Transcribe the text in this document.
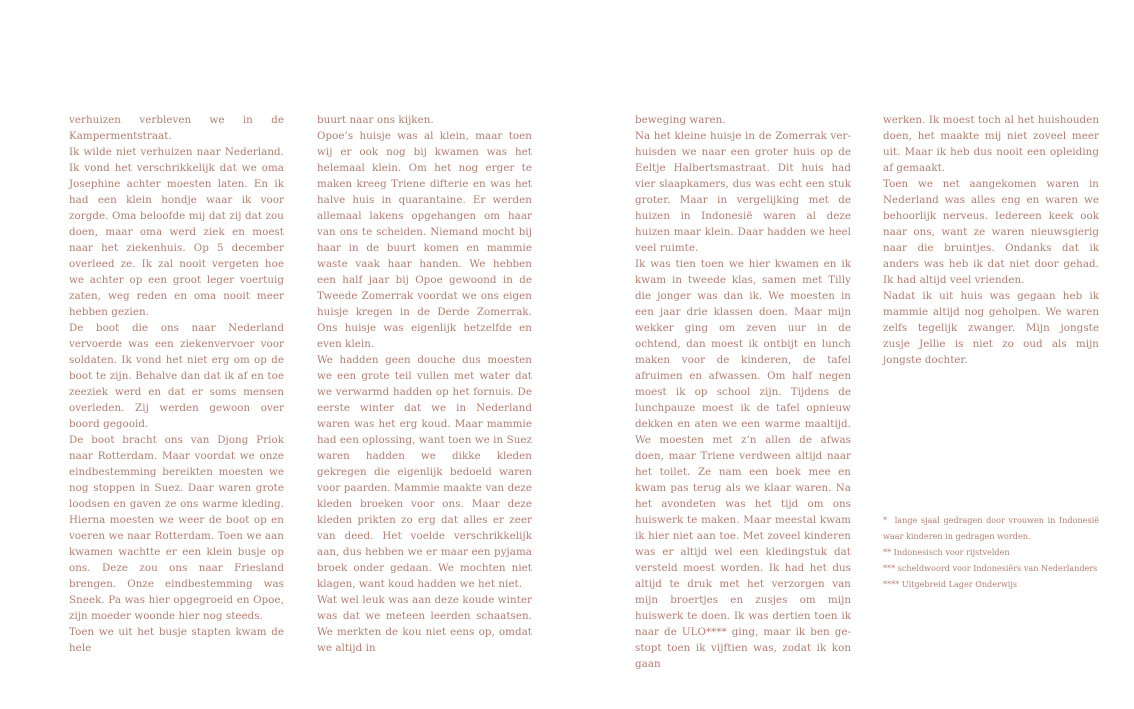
verhuizen verbleven we in de Kampermentstraat.

Ik wilde niet verhuizen naar Nederland. Ik vond het verschrikkelijk dat we oma Josephine achter moesten laten. En ik had een klein hondje waar ik voor zorgde. Oma beloofde mij dat zij dat zou doen, maar oma werd ziek en moest naar het ziekenhuis. Op 5 december overleed ze. Ik zal nooit vergeten hoe we achter op een groot leger voertuig zaten, weg reden en oma nooit meer hebben gezien.

De boot die ons naar Nederland vervoerde was een ziekenvervoer voor soldaten. Ik vond het niet erg om op de boot te zijn. Behalve dan dat ik af en toe zeeziek werd en dat er soms mensen overleden. Zij werden gewoon over boord gegooid.

De boot bracht ons van Djong Priok naar Rotterdam. Maar voordat we onze eindbestemming bereikten moesten we nog stoppen in Suez. Daar waren grote loodsen en gaven ze ons warme kleding. Hierna moesten we weer de boot op en voeren we naar Rotterdam. Toen we aan kwamen wachtte er een klein busje op ons. Deze zou ons naar Friesland brengen. Onze eindbestemming was Sneek. Pa was hier opgegroeid en Opoe, zijn moeder woonde hier nog steeds.

Toen we uit het busje stapten kwam de hele

buurt naar ons kijken.

Opoe’s huisje was al klein, maar toen wij er ook nog bij kwamen was het helemaal klein. Om het nog erger te maken kreeg Triene difterie en was het halve huis in quarantaine. Er werden allemaal lakens opgehangen om haar van ons te scheiden. Niemand mocht bij haar in de buurt komen en mammie waste vaak haar handen. We hebben een half jaar bij Opoe gewoond in de Tweede Zomerrak voordat we ons eigen huisje kregen in de Derde Zomerrak. Ons huisje was eigenlijk hetzelfde en even klein.

We hadden geen douche dus moesten we een grote teil vullen met water dat we verwarmd hadden op het fornuis. De eerste winter dat we in Nederland waren was het erg koud. Maar mammie had een oplossing, want toen we in Suez waren hadden we dikke kleden gekregen die eigenlijk bedoeld waren voor paarden. Mammie maakte van deze kleden broeken voor ons. Maar deze kleden prikten zo erg dat alles er zeer van deed. Het voelde verschrikkelijk aan, dus hebben we er maar een pyjama broek onder gedaan. We mochten niet klagen, want koud hadden we het niet.

Wat wel leuk was aan deze koude winter was dat we meteen leerden schaatsen. We merkten de kou niet eens op, omdat we altijd in

beweging waren.

Na het kleine huisje in de Zomerrak verhuisden we naar een groter huis op de Eeltje Halbertsmastraat. Dit huis had vier slaapkamers, dus was echt een stuk groter. Maar in vergelijking met de huizen in Indonesië waren al deze huizen maar klein. Daar hadden we heel veel ruimte.

Ik was tien toen we hier kwamen en ik kwam in tweede klas, samen met Tilly die jonger was dan ik. We moesten in een jaar drie klassen doen. Maar mijn wekker ging om zeven uur in de ochtend, dan moest ik ontbijt en lunch maken voor de kinderen, de tafel afruimen en afwassen. Om half negen moest ik op school zijn. Tijdens de lunchpauze moest ik de tafel opnieuw dekken en aten we een warme maaltijd. We moesten met z’n allen de afwas doen, maar Triene verdween altijd naar het toilet. Ze nam een boek mee en kwam pas terug als we klaar waren. Na het avondeten was het tijd om ons huiswerk te maken. Maar meestal kwam ik hier niet aan toe. Met zoveel kinderen was er altijd wel een kledingstuk dat versteld moest worden. Ik had het dus altijd te druk met het verzorgen van mijn broertjes en zusjes om mijn huiswerk te doen. Ik was dertien toen ik naar de ULO**** ging, maar ik ben gestopt toen ik vijftien was, zodat ik kon gaan

werken. Ik moest toch al het huishouden doen, het maakte mij niet zoveel meer uit. Maar ik heb dus nooit een opleiding af gemaakt.

Toen we net aangekomen waren in Nederland was alles eng en waren we behoorlijk nerveus. Iedereen keek ook naar ons, want ze waren nieuwsgierig naar die bruintjes. Ondanks dat ik anders was heb ik dat niet door gehad. Ik had altijd veel vrienden.

Nadat ik uit huis was gegaan heb ik mammie altijd nog geholpen. We waren zelfs tegelijk zwanger. Mijn jongste zusje Jellie is niet zo oud als mijn jongste dochter.

*  lange sjaal gedragen door vrouwen in Indonesië waar kinderen in gedragen worden.

** Indonesisch voor rijstvelden

*** scheldwoord voor Indonesiërs van Nederlanders

**** Uitgebreid Lager Onderwijs
